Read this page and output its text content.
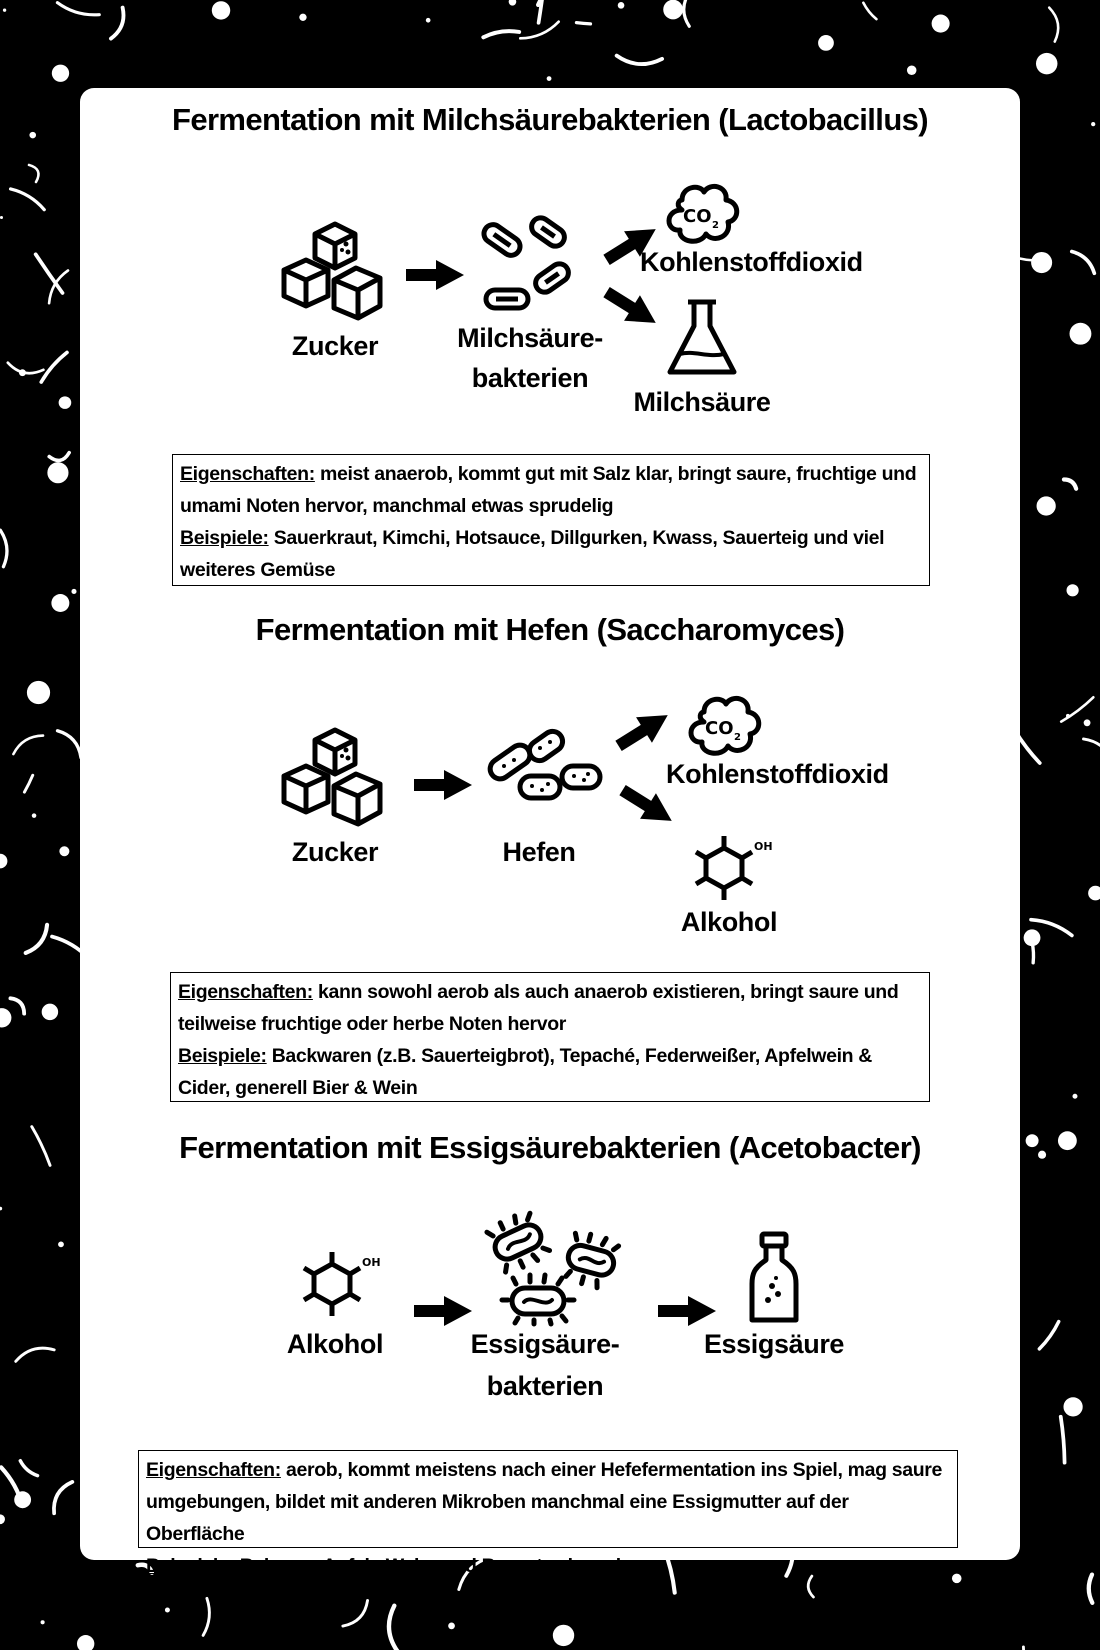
Fermentation mit Milchsäurebakterien (Lactobacillus)
Zucker	Milchsäure-
bakterien
CO 2
Kohlenstoffdioxid
Milchsäure

Eigenschaften: meist anaerob, kommt gut mit Salz klar, bringt saure, fruchtige und umami Noten hervor, manchmal etwas sprudelig

Beispiele: Sauerkraut, Kimchi, Hotsauce, Dillgurken, Kwass, Sauerteig und viel weiteres Gemüse

Fermentation mit Hefen (Saccharomyces)
Zucker	Hefen
CO 2
Kohlenstoffdioxid
OH
Alkohol

Eigenschaften: kann sowohl aerob als auch anaerob existieren, bringt saure und teilweise fruchtige oder herbe Noten hervor

Beispiele: Backwaren (z.B. Sauerteigbrot), Tepaché, Federweißer, Apfelwein & Cider, generell Bier & Wein

Fermentation mit Essigsäurebakterien (Acetobacter)
OH
Alkohol	Essigsäure-
bakterien
Essigsäure

Eigenschaften: aerob, kommt meistens nach einer Hefefermentation ins Spiel, mag saure umgebungen, bildet mit anderen Mikroben manchmal eine Essigmutter auf der Oberfläche

Beispiele: Balsam-, Apfel-, Wein- und Branntweinessig
